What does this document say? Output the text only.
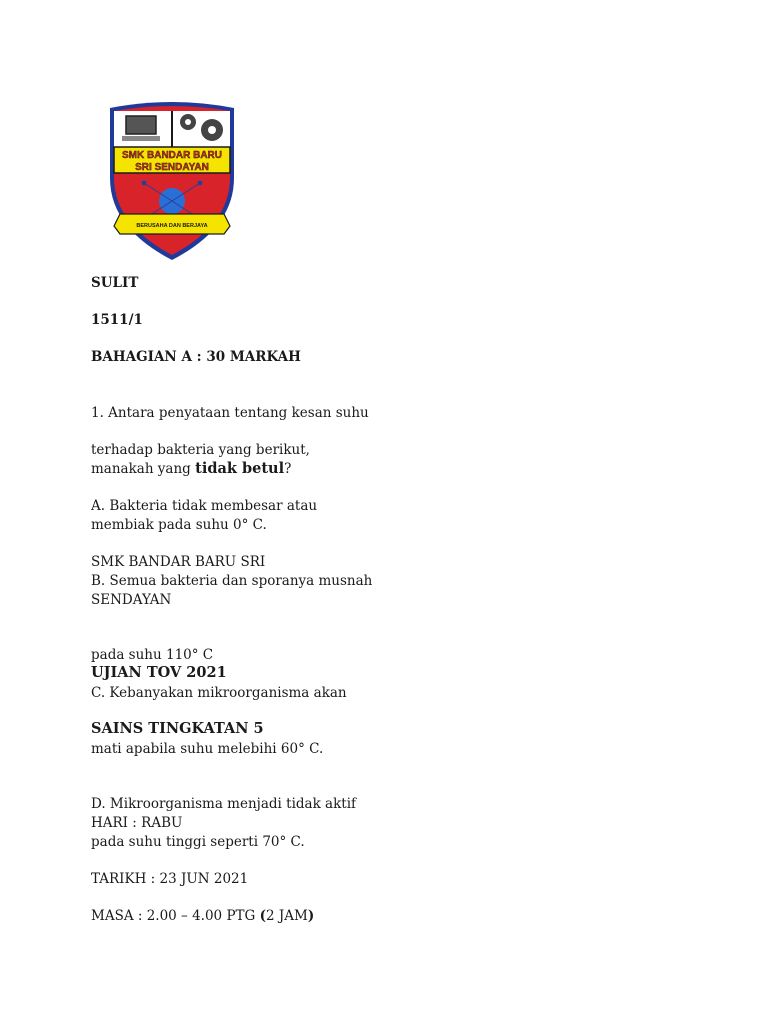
SMK BANDAR BARU
SRI SENDAYAN
BERUSAHA DAN BERJAYA
SULIT
1511/1
BAHAGIAN A : 30 MARKAH
1. Antara penyataan tentang kesan suhu
terhadap bakteria yang berikut,
manakah yang tidak betul?
A. Bakteria tidak membesar atau
membiak pada suhu 0° C.
SMK BANDAR BARU SRI
B. Semua bakteria dan sporanya musnah
SENDAYAN
pada suhu 110° C
UJIAN TOV 2021
C. Kebanyakan mikroorganisma akan
SAINS TINGKATAN 5
mati apabila suhu melebihi 60° C.
D. Mikroorganisma menjadi tidak aktif
HARI : RABU
pada suhu tinggi seperti 70° C.
TARIKH : 23 JUN 2021
MASA : 2.00 – 4.00 PTG (2 JAM)
